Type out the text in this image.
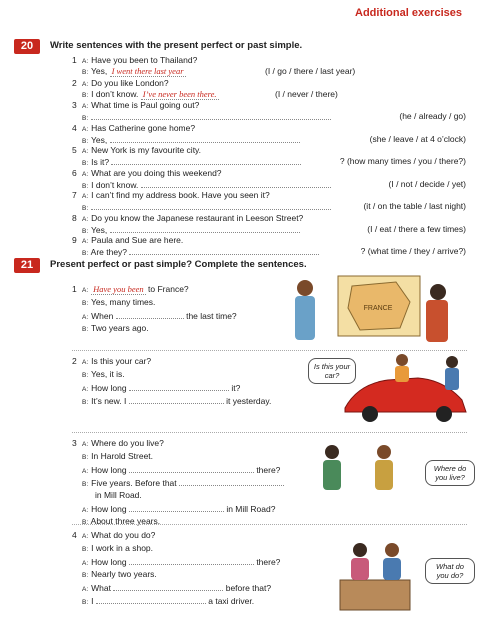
Additional exercises
20	Write sentences with the present perfect or past simple.
1 A: Have you been to Thailand?
B: Yes, I went there last year	(I / go / there / last year)
2 A: Do you like London?
B: I don’t know. I’ve never been there.	(I / never / there)
3 A: What time is Paul going out?
B:	(he / already / go)
4 A: Has Catherine gone home?
B: Yes,	(she / leave / at 4 o’clock)
5 A: New York is my favourite city.
B: Is it?	? (how many times / you / there?)
6 A: What are you doing this weekend?
B: I don’t know.	(I / not / decide / yet)
7 A: I can’t find my address book. Have you seen it?
B:	(it / on the table / last night)
8 A: Do you know the Japanese restaurant in Leeson Street?
B: Yes,	(I / eat / there a few times)
9 A: Paula and Sue are here.
B: Are they?	? (what time / they / arrive?)
21	Present perfect or past simple? Complete the sentences.
1 A: Have you been to France?
B: Yes, many times.
A: When	the last time?
B: Two years ago.
FRANCE
2 A: Is this your car?
B: Yes, it is.
A: How long	it?
B: It’s new. I	it yesterday.
Is this your car?
3 A: Where do you live?
B: In Harold Street.
A: How long	there?
B: Five years. Before that
in Mill Road.
A: How long	in Mill Road?
B: About three years.
Where do you live?
4 A: What do you do?
B: I work in a shop.
A: How long	there?
B: Nearly two years.
A: What	before that?
B: I	a taxi driver.
What do you do?
